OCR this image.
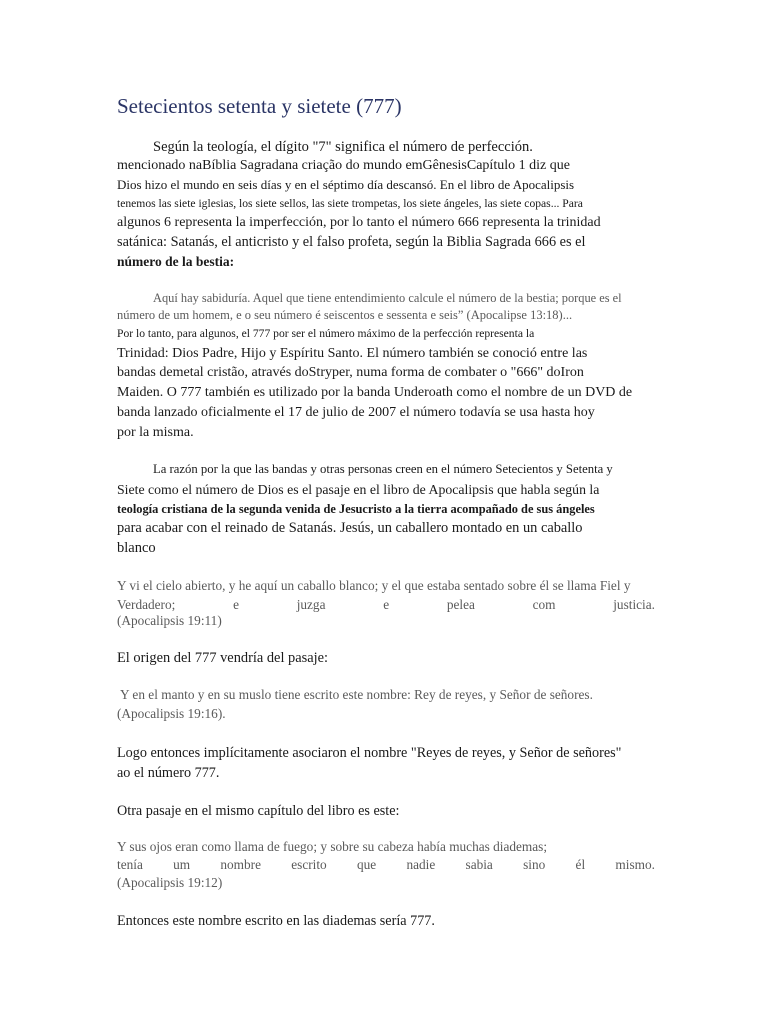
Setecientos setenta y sietete (777)
Según la teología, el dígito "7" significa el número de perfección.
mencionado naBíblia Sagradana criação do mundo emGênesisCapítulo 1 diz que
Dios hizo el mundo en seis días y en el séptimo día descansó. En el libro de Apocalipsis
tenemos las siete iglesias, los siete sellos, las siete trompetas, los siete ángeles, las siete copas... Para
algunos 6 representa la imperfección, por lo tanto el número 666 representa la trinidad
satánica: Satanás, el anticristo y el falso profeta, según la Biblia Sagrada 666 es el
número de la bestia:
Aquí hay sabiduría. Aquel que tiene entendimiento calcule el número de la bestia; porque es el
número de um homem, e o seu número é seiscentos e sessenta e seis” (Apocalipse 13:18)...
Por lo tanto, para algunos, el 777 por ser el número máximo de la perfección representa la
Trinidad: Dios Padre, Hijo y Espíritu Santo. El número también se conoció entre las
bandas demetal cristão, através doStryper, numa forma de combater o "666" doIron
Maiden. O 777 también es utilizado por la banda Underoath como el nombre de un DVD de
banda lanzado oficialmente el 17 de julio de 2007 el número todavía se usa hasta hoy
por la misma.
La razón por la que las bandas y otras personas creen en el número Setecientos y Setenta y
Siete como el número de Dios es el pasaje en el libro de Apocalipsis que habla según la
teología cristiana de la segunda venida de Jesucristo a la tierra acompañado de sus ángeles
para acabar con el reinado de Satanás. Jesús, un caballero montado en un caballo
blanco
Y vi el cielo abierto, y he aquí un caballo blanco; y el que estaba sentado sobre él se llama Fiel y
Verdadero;	e	juzga	e	pelea	com	justicia.
(Apocalipsis 19:11)
El origen del 777 vendría del pasaje:
Y en el manto y en su muslo tiene escrito este nombre: Rey de reyes, y Señor de señores.
(Apocalipsis 19:16).
Logo entonces implícitamente asociaron el nombre "Reyes de reyes, y Señor de señores"
ao el número 777.
Otra pasaje en el mismo capítulo del libro es este:
Y sus ojos eran como llama de fuego; y sobre su cabeza había muchas diademas;
tenía um nombre escrito que nadie sabia sino él mismo.
(Apocalipsis 19:12)
Entonces este nombre escrito en las diademas sería 777.
